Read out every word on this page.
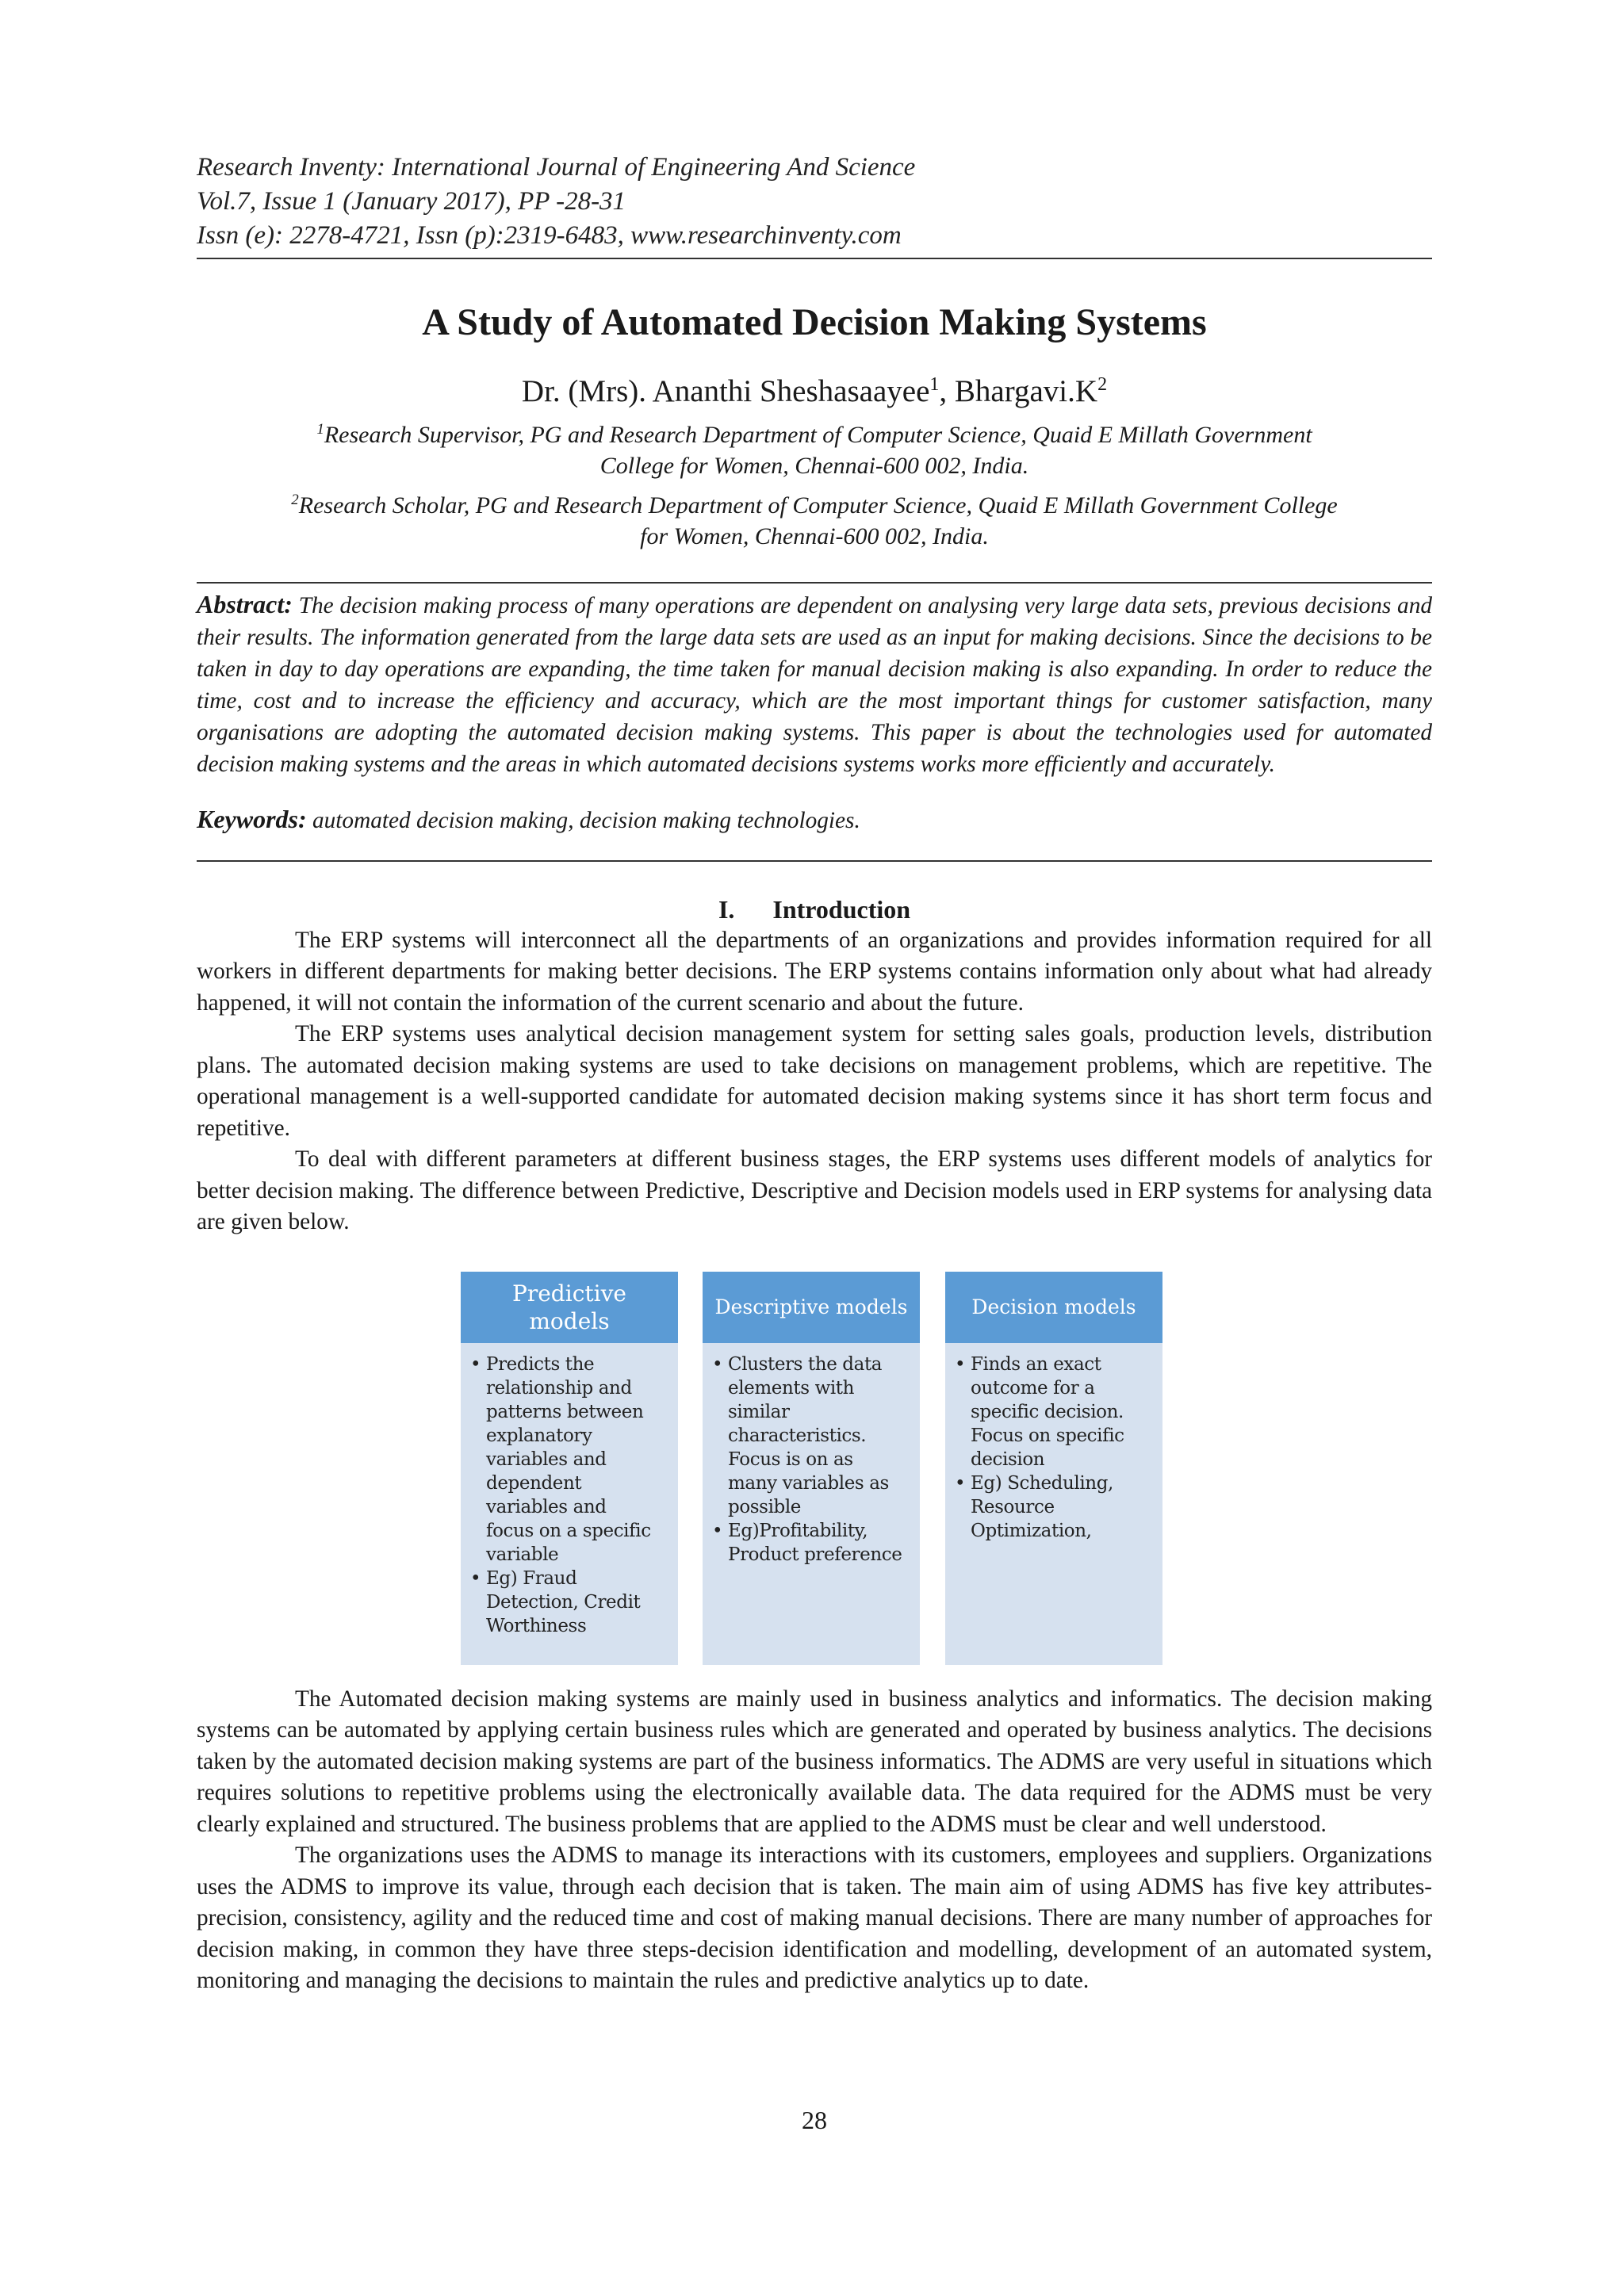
Research Inventy: International Journal of Engineering And Science
Vol.7, Issue 1 (January 2017), PP -28-31
Issn (e): 2278-4721, Issn (p):2319-6483, www.researchinventy.com
A Study of Automated Decision Making Systems
Dr. (Mrs). Ananthi Sheshasaayee$^1$, $Bhargavi.K^2$
$^1$Research Supervisor, PG and Research Department of Computer Science, Quaid E Millath Government
College for Women, Chennai-600 002, India.
$^2$Research Scholar, PG and Research Department of Computer Science, Quaid E Millath Government College
for Women, Chennai-600 002, India.

Abstract: The decision making process of many operations are dependent on analysing very large data sets, previous decisions and their results. The information generated from the large data sets are used as an input for making decisions. Since the decisions to be taken in day to day operations are expanding, the time taken for manual decision making is also expanding. In order to reduce the time, cost and to increase the efficiency and accuracy, which are the most important things for customer satisfaction, many organisations are adopting the automated decision making systems. This paper is about the technologies used for automated decision making systems and the areas in which automated decisions systems works more efficiently and accurately.

Keywords: automated decision making, decision making technologies.

I. Introduction

The ERP systems will interconnect all the departments of an organizations and provides information required for all workers in different departments for making better decisions. The ERP systems contains information only about what had already happened, it will not contain the information of the current scenario and about the future.

The ERP systems uses analytical decision management system for setting sales goals, production levels, distribution plans. The automated decision making systems are used to take decisions on management problems, which are repetitive. The operational management is a well-supported candidate for automated decision making systems since it has short term focus and repetitive.

To deal with different parameters at different business stages, the ERP systems uses different models of analytics for better decision making. The difference between Predictive, Descriptive and Decision models used in ERP systems for analysing data are given below.

Predictive models
• Predicts the
relationship and
patterns between
explanatory
variables and
dependent
variables and
focus on a specific
variable
• Eg) Fraud
Detection, Credit
Worthiness
Descriptive models
• Clusters the data
elements with
similar
characteristics.
Focus is on as
many variables as
possible
• Eg)Profitability,
Product preference
Decision models
• Finds an exact
outcome for a
specific decision.
Focus on specific
decision
• Eg) Scheduling,
Resource
Optimization,

The Automated decision making systems are mainly used in business analytics and informatics. The decision making systems can be automated by applying certain business rules which are generated and operated by business analytics. The decisions taken by the automated decision making systems are part of the business informatics. The ADMS are very useful in situations which requires solutions to repetitive problems using the electronically available data. The data required for the ADMS must be very clearly explained and structured. The business problems that are applied to the ADMS must be clear and well understood.

The organizations uses the ADMS to manage its interactions with its customers, employees and suppliers. Organizations uses the ADMS to improve its value, through each decision that is taken. The main aim of using ADMS has five key attributes-precision, consistency, agility and the reduced time and cost of making manual decisions. There are many number of approaches for decision making, in common they have three steps-decision identification and modelling, development of an automated system, monitoring and managing the decisions to maintain the rules and predictive analytics up to date.

28
